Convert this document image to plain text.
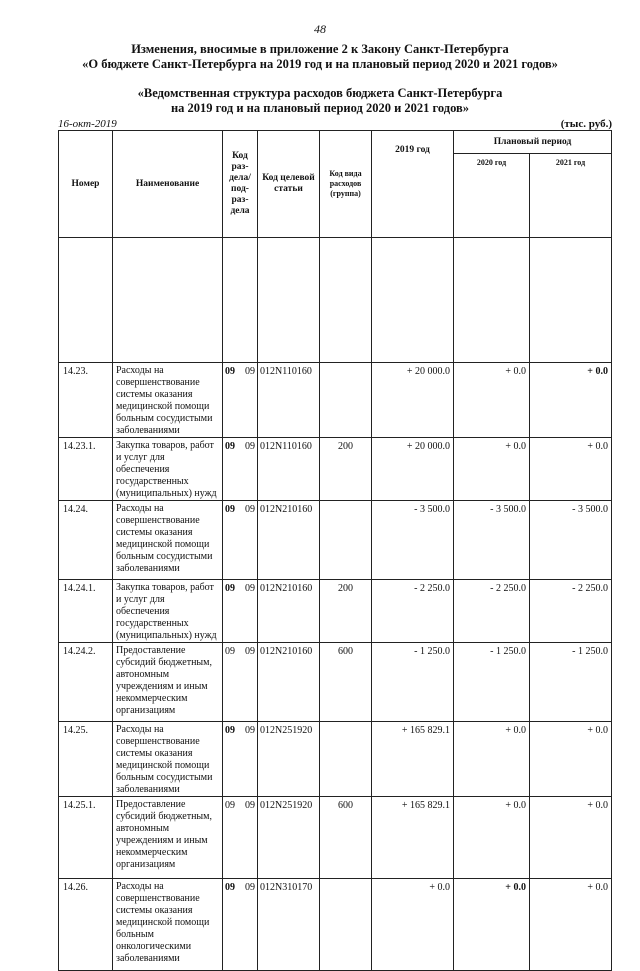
48
Изменения, вносимые в приложение 2 к Закону Санкт-Петербурга
«О бюджете Санкт-Петербурга на 2019 год и на плановый период 2020 и 2021 годов»
«Ведомственная структура расходов бюджета Санкт-Петербурга
на 2019 год и на плановый период 2020 и 2021 годов»
16-окт-2019	(тыс. руб.)
Номер	Наименование	Код раз-дела/ под-раз-дела		Код целевой статьи	Код вида расходов (группа)	2019 год	Плановый период	
							2020 год	2021 год

14.23.	Расходы на совершенствование системы оказания медицинской помощи больным сосудистыми заболеваниями	09	09	012N110160		+ 20 000.0	+ 0.0	+ 0.0
14.23.1.	Закупка товаров, работ и услуг для обеспечения государственных (муниципальных) нужд	09	09	012N110160	200	+ 20 000.0	+ 0.0	+ 0.0
14.24.	Расходы на совершенствование системы оказания медицинской помощи больным сосудистыми заболеваниями	09	09	012N210160		- 3 500.0	- 3 500.0	- 3 500.0
14.24.1.	Закупка товаров, работ и услуг для обеспечения государственных (муниципальных) нужд	09	09	012N210160	200	- 2 250.0	- 2 250.0	- 2 250.0
14.24.2.	Предоставление субсидий бюджетным, автономным учреждениям и иным некоммерческим организациям	09	09	012N210160	600	- 1 250.0	- 1 250.0	- 1 250.0
14.25.	Расходы на совершенствование системы оказания медицинской помощи больным сосудистыми заболеваниями	09	09	012N251920		+ 165 829.1	+ 0.0	+ 0.0
14.25.1.	Предоставление субсидий бюджетным, автономным учреждениям и иным некоммерческим организациям	09	09	012N251920	600	+ 165 829.1	+ 0.0	+ 0.0
14.26.	Расходы на совершенствование системы оказания медицинской помощи больным онкологическими заболеваниями	09	09	012N310170		+ 0.0	+ 0.0	+ 0.0
